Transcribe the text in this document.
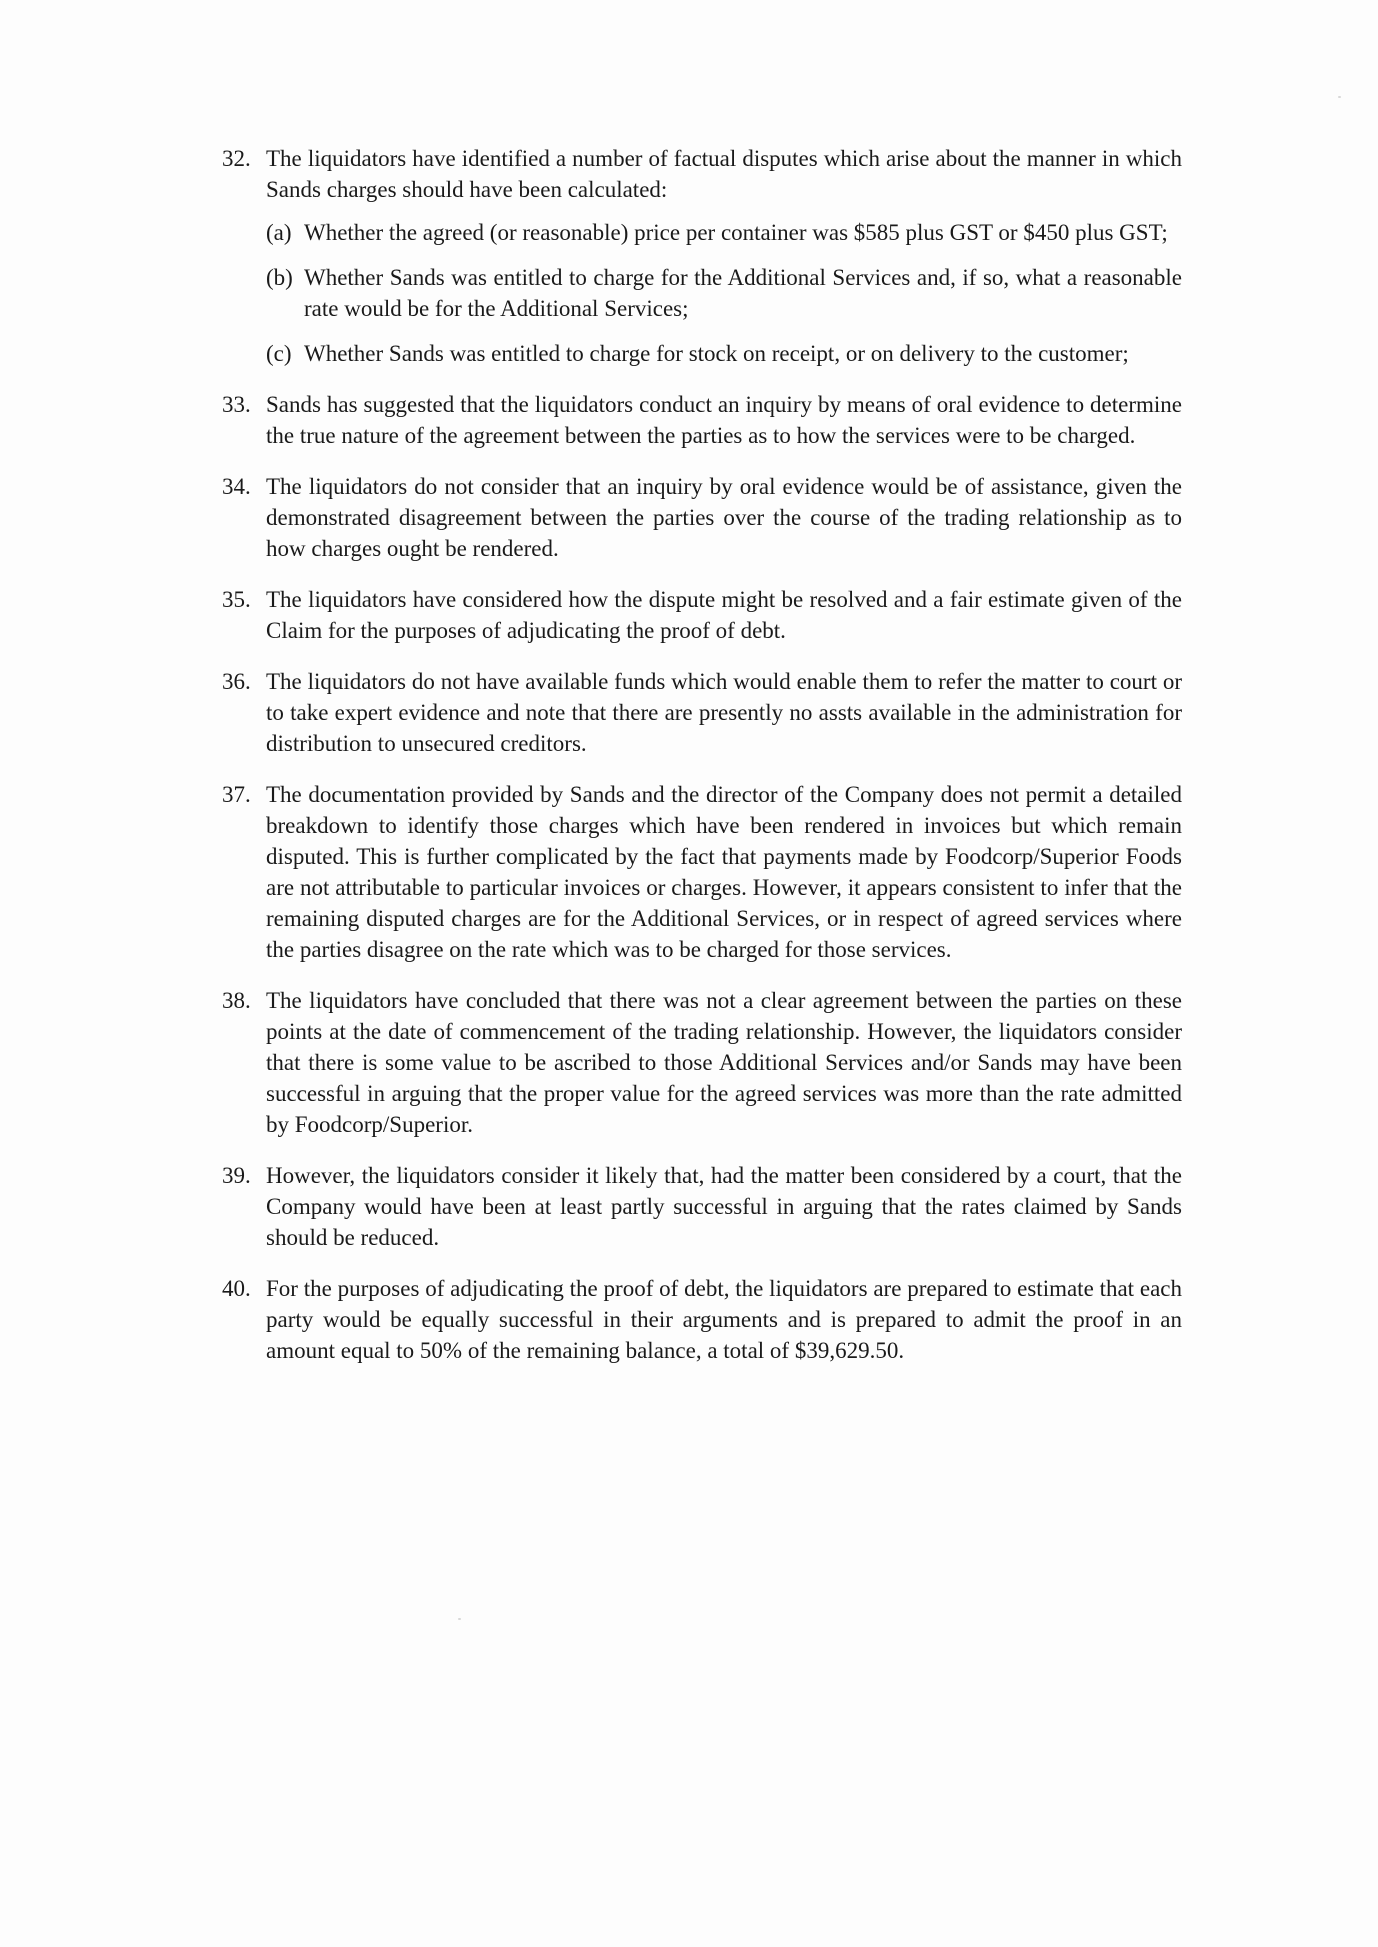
32. The liquidators have identified a number of factual disputes which arise about the manner in which Sands charges should have been calculated:
(a) Whether the agreed (or reasonable) price per container was $585 plus GST or $450 plus GST;
(b) Whether Sands was entitled to charge for the Additional Services and, if so, what a reasonable rate would be for the Additional Services;
(c) Whether Sands was entitled to charge for stock on receipt, or on delivery to the customer;
33. Sands has suggested that the liquidators conduct an inquiry by means of oral evidence to determine the true nature of the agreement between the parties as to how the services were to be charged.
34. The liquidators do not consider that an inquiry by oral evidence would be of assistance, given the demonstrated disagreement between the parties over the course of the trading relationship as to how charges ought be rendered.
35. The liquidators have considered how the dispute might be resolved and a fair estimate given of the Claim for the purposes of adjudicating the proof of debt.
36. The liquidators do not have available funds which would enable them to refer the matter to court or to take expert evidence and note that there are presently no assts available in the administration for distribution to unsecured creditors.
37. The documentation provided by Sands and the director of the Company does not permit a detailed breakdown to identify those charges which have been rendered in invoices but which remain disputed. This is further complicated by the fact that payments made by Foodcorp/Superior Foods are not attributable to particular invoices or charges. However, it appears consistent to infer that the remaining disputed charges are for the Additional Services, or in respect of agreed services where the parties disagree on the rate which was to be charged for those services.
38. The liquidators have concluded that there was not a clear agreement between the parties on these points at the date of commencement of the trading relationship. However, the liquidators consider that there is some value to be ascribed to those Additional Services and/or Sands may have been successful in arguing that the proper value for the agreed services was more than the rate admitted by Foodcorp/Superior.
39. However, the liquidators consider it likely that, had the matter been considered by a court, that the Company would have been at least partly successful in arguing that the rates claimed by Sands should be reduced.
40. For the purposes of adjudicating the proof of debt, the liquidators are prepared to estimate that each party would be equally successful in their arguments and is prepared to admit the proof in an amount equal to 50% of the remaining balance, a total of $39,629.50.
